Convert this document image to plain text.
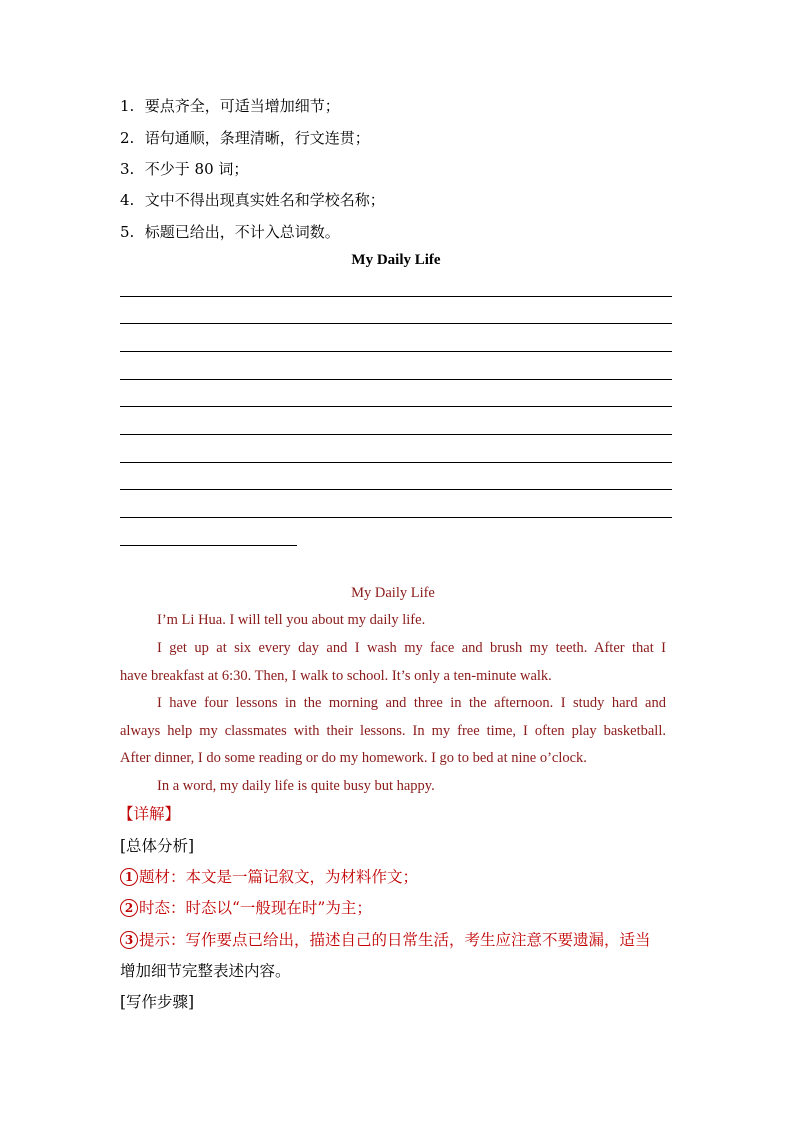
1. 要点齐全，可适当增加细节；
2. 语句通顺，条理清晰，行文连贯；
3. 不少于 80 词；
4. 文中不得出现真实姓名和学校名称；
5. 标题已给出，不计入总词数。
My Daily Life
My Daily Life
I’m Li Hua. I will tell you about my daily life.
I get up at six every day and I wash my face and brush my teeth. After that I
have breakfast at 6:30. Then, I walk to school. It’s only a ten-minute walk.
I have four lessons in the morning and three in the afternoon. I study hard and
always help my classmates with their lessons. In my free time, I often play basketball.
After dinner, I do some reading or do my homework. I go to bed at nine o’clock.
In a word, my daily life is quite busy but happy.
【详解】
[总体分析]
1 题材：本文是一篇记叙文，为材料作文；
2 时态：时态以“一般现在时”为主；
3 提示：写作要点已给出，描述自己的日常生活，考生应注意不要遗漏，适当
增加细节完整表述内容。
[写作步骤]
